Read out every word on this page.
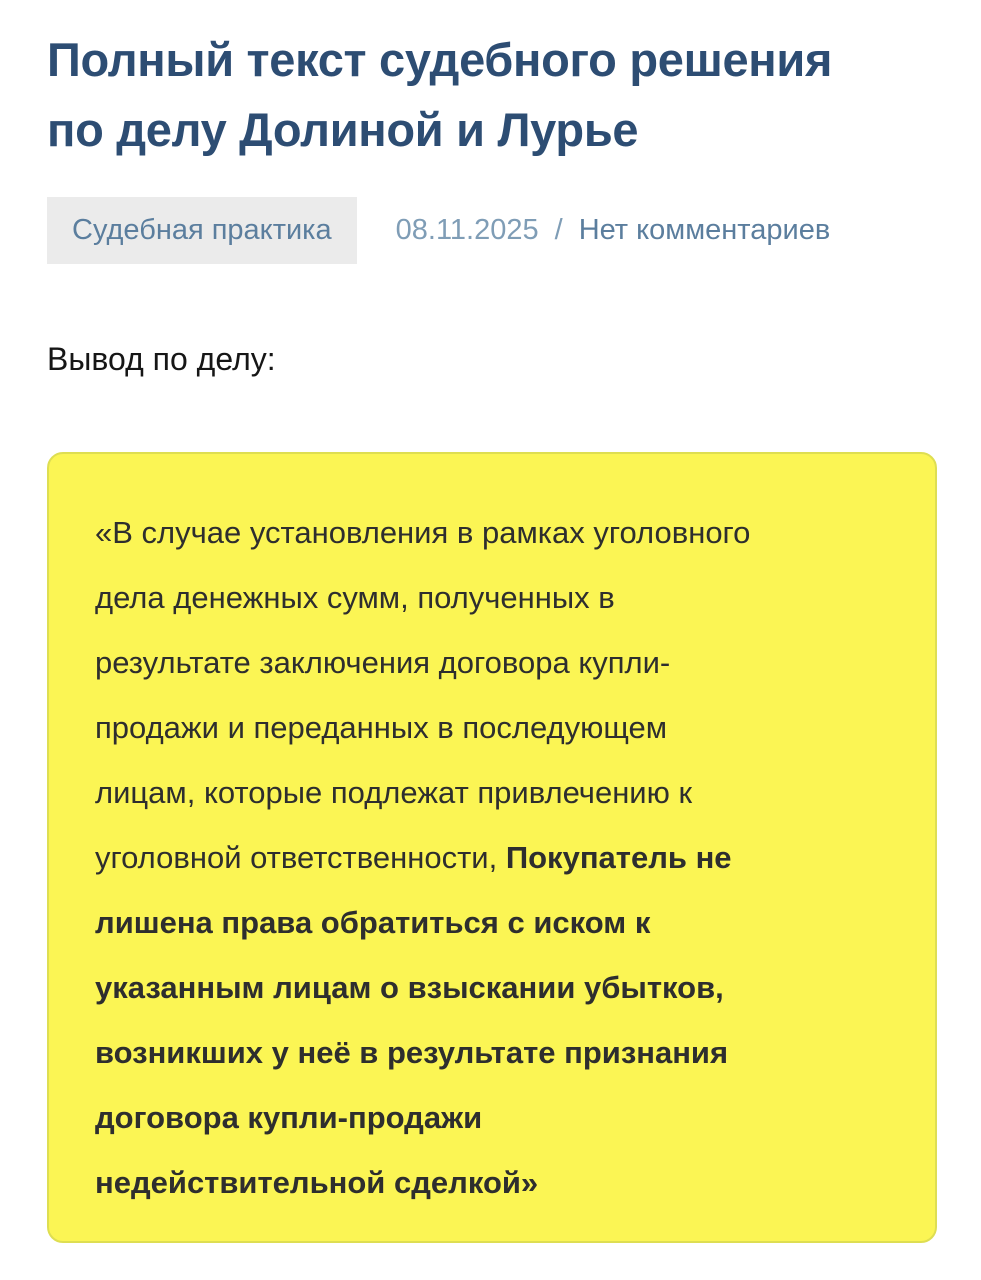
Полный текст судебного решения
по делу Долиной и Лурье
Судебная практика	08.11.2025 / Нет комментариев

Вывод по делу:

«В случае установления в рамках уголовного
дела денежных сумм, полученных в
результате заключения договора купли-
продажи и переданных в последующем
лицам, которые подлежат привлечению к
уголовной ответственности, Покупатель не
лишена права обратиться с иском к
указанным лицам о взыскании убытков,
возникших у неё в результате признания
договора купли-продажи
недействительной сделкой»
